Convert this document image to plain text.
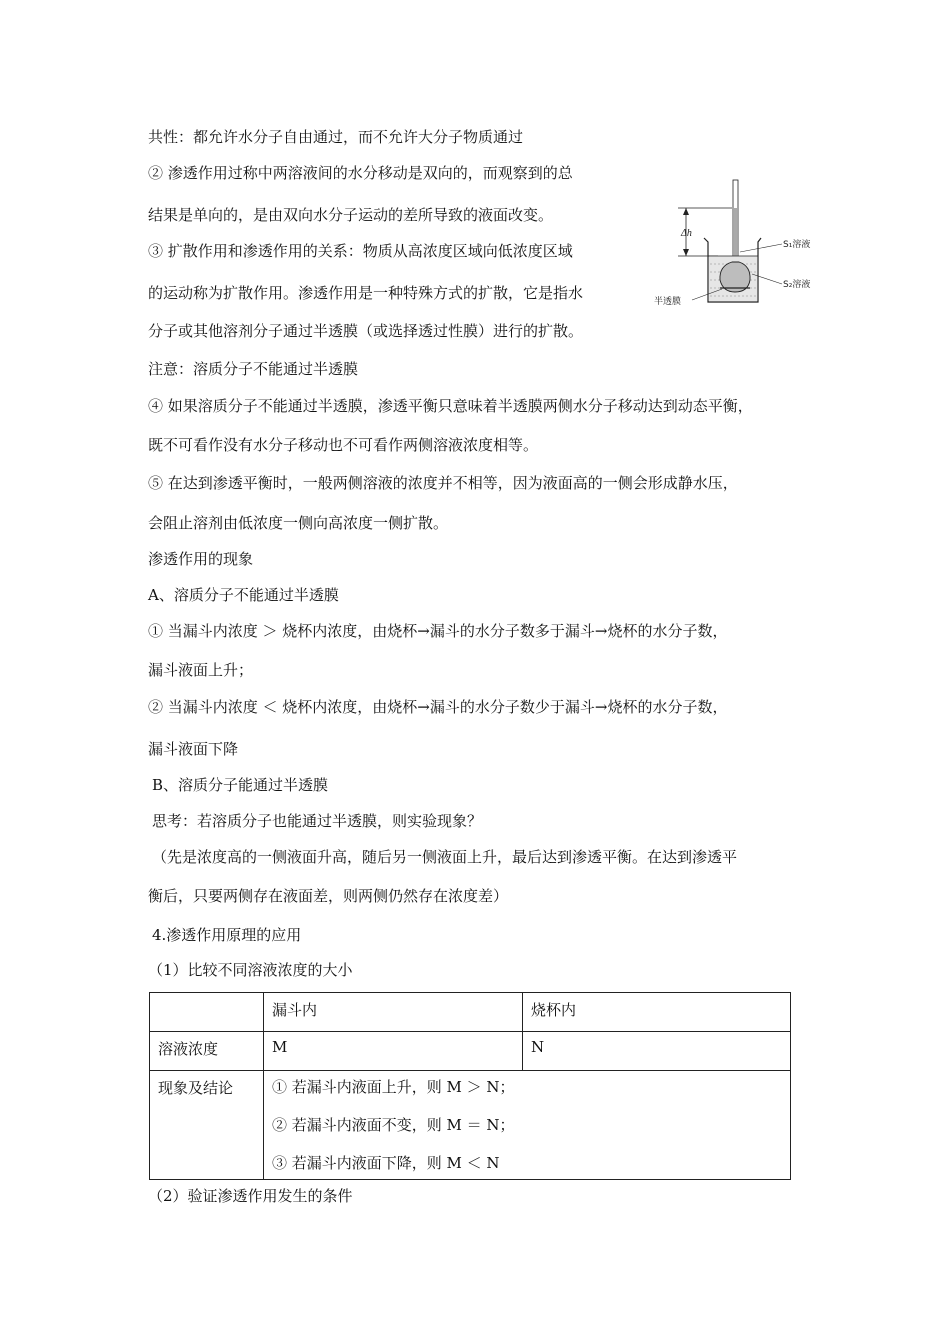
共性：都允许水分子自由通过，而不允许大分子物质通过
② 渗透作用过称中两溶液间的水分移动是双向的，而观察到的总
结果是单向的，是由双向水分子运动的差所导致的液面改变。
③ 扩散作用和渗透作用的关系：物质从高浓度区域向低浓度区域
的运动称为扩散作用。渗透作用是一种特殊方式的扩散，它是指水
分子或其他溶剂分子通过半透膜（或选择透过性膜）进行的扩散。
注意：溶质分子不能通过半透膜
④ 如果溶质分子不能通过半透膜，渗透平衡只意味着半透膜两侧水分子移动达到动态平衡，
既不可看作没有水分子移动也不可看作两侧溶液浓度相等。
⑤ 在达到渗透平衡时，一般两侧溶液的浓度并不相等，因为液面高的一侧会形成静水压，
会阻止溶剂由低浓度一侧向高浓度一侧扩散。
渗透作用的现象
A、溶质分子不能通过半透膜
① 当漏斗内浓度 ＞ 烧杯内浓度，由烧杯→漏斗的水分子数多于漏斗→烧杯的水分子数，
漏斗液面上升；
② 当漏斗内浓度 ＜ 烧杯内浓度，由烧杯→漏斗的水分子数少于漏斗→烧杯的水分子数，
漏斗液面下降
B、溶质分子能通过半透膜
思考：若溶质分子也能通过半透膜，则实验现象？
（先是浓度高的一侧液面升高，随后另一侧液面上升，最后达到渗透平衡。在达到渗透平
衡后，只要两侧存在液面差，则两侧仍然存在浓度差）
4.渗透作用原理的应用
（1）比较不同溶液浓度的大小
Δh
S₁溶液
S₂溶液
半透膜
	漏斗内	烧杯内
溶液浓度	M	N
现象及结论	① 若漏斗内液面上升，则 M ＞ N；
② 若漏斗内液面不变，则 M ＝ N；
③ 若漏斗内液面下降，则 M ＜ N	
（2）验证渗透作用发生的条件
